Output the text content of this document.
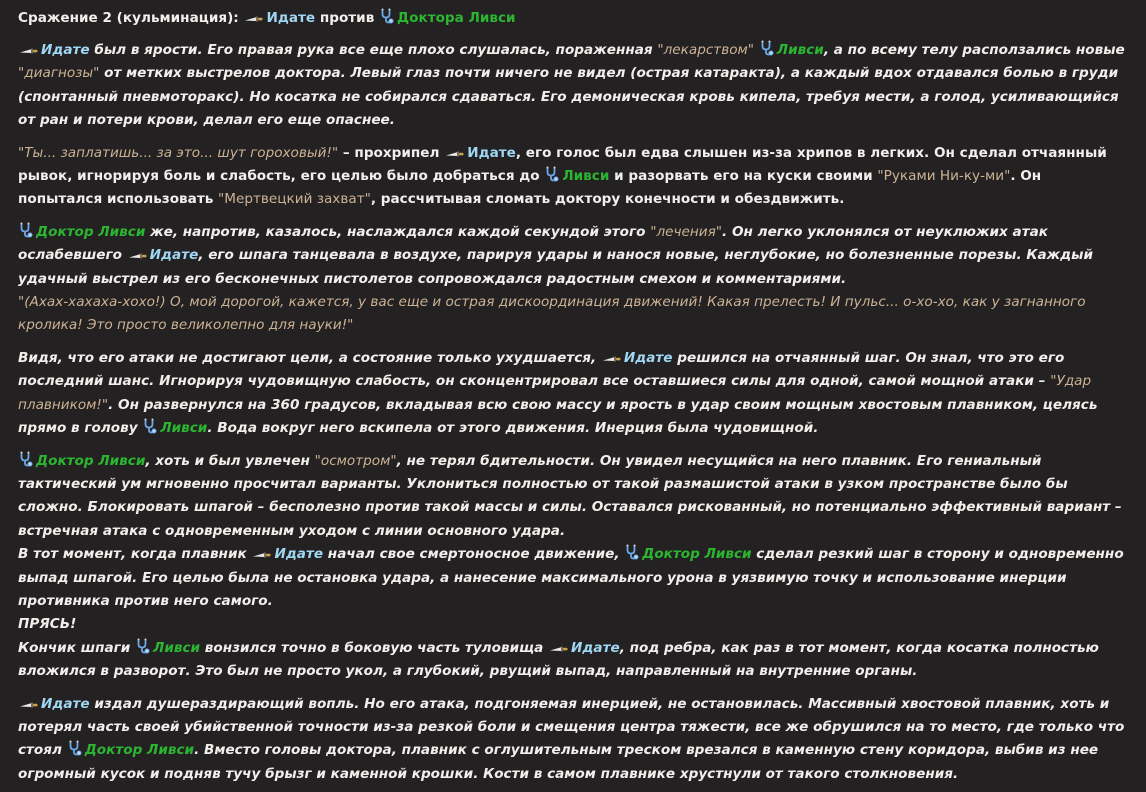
Сражение 2 (кульминация): Идате против Доктора Ливси

Идате был в ярости. Его правая рука все еще плохо слушалась, пораженная "лекарством" Ливси, а по всему телу расползались новые "диагнозы" от метких выстрелов доктора. Левый глаз почти ничего не видел (острая катаракта), а каждый вдох отдавался болью в груди (спонтанный пневмоторакс). Но косатка не собирался сдаваться. Его демоническая кровь кипела, требуя мести, а голод, усиливающийся от ран и потери крови, делал его еще опаснее.

"Ты... заплатишь... за это... шут гороховый!" – прохрипел
Идате, его голос был едва слышен из-за хрипов в легких. Он сделал отчаянный рывок, игнорируя боль и слабость, его целью было добраться до
Ливси и разорвать его на куски своими "Руками Ни-ку-ми". Он попытался использовать "Мертвецкий захват", рассчитывая сломать доктору конечности и обездвижить.

Доктор Ливси же, напротив, казалось, наслаждался каждой секундой этого "лечения". Он легко уклонялся от неуклюжих атак ослабевшего
Идате, его шпага танцевала в воздухе, парируя удары и нанося новые, неглубокие, но болезненные порезы. Каждый удачный выстрел из его бесконечных пистолетов сопровождался радостным смехом и комментариями.
"(Ахах-хахаха-хохо!) О, мой дорогой, кажется, у вас еще и острая дискоординация движений! Какая прелесть! И пульс... о-хо-хо, как у загнанного кролика! Это просто великолепно для науки!"

Видя, что его атаки не достигают цели, а состояние только ухудшается,
Идате решился на отчаянный шаг. Он знал, что это его последний шанс. Игнорируя чудовищную слабость, он сконцентрировал все оставшиеся силы для одной, самой мощной атаки – "Удар плавником!". Он развернулся на 360 градусов, вкладывая всю свою массу и ярость в удар своим мощным хвостовым плавником, целясь прямо в голову
Ливси. Вода вокруг него вскипела от этого движения. Инерция была чудовищной.

Доктор Ливси, хоть и был увлечен "осмотром", не терял бдительности. Он увидел несущийся на него плавник. Его гениальный тактический ум мгновенно просчитал варианты. Уклониться полностью от такой размашистой атаки в узком пространстве было бы сложно. Блокировать шпагой – бесполезно против такой массы и силы. Оставался рискованный, но потенциально эффективный вариант – встречная атака с одновременным уходом с линии основного удара.
В тот момент, когда плавник
Идате начал свое смертоносное движение,
Доктор Ливси сделал резкий шаг в сторону и одновременно выпад шпагой. Его целью была не остановка удара, а нанесение максимального урона в уязвимую точку и использование инерции противника против него самого.
ПРЯСЬ!
Кончик шпаги
Ливси вонзился точно в боковую часть туловища
Идате, под ребра, как раз в тот момент, когда косатка полностью вложился в разворот. Это был не просто укол, а глубокий, рвущий выпад, направленный на внутренние органы.

Идате издал душераздирающий вопль. Но его атака, подгоняемая инерцией, не остановилась. Массивный хвостовой плавник, хоть и потерял часть своей убийственной точности из-за резкой боли и смещения центра тяжести, все же обрушился на то место, где только что стоял
Доктор Ливси. Вместо головы доктора, плавник с оглушительным треском врезался в каменную стену коридора, выбив из нее огромный кусок и подняв тучу брызг и каменной крошки. Кости в самом плавнике хрустнули от такого столкновения.
